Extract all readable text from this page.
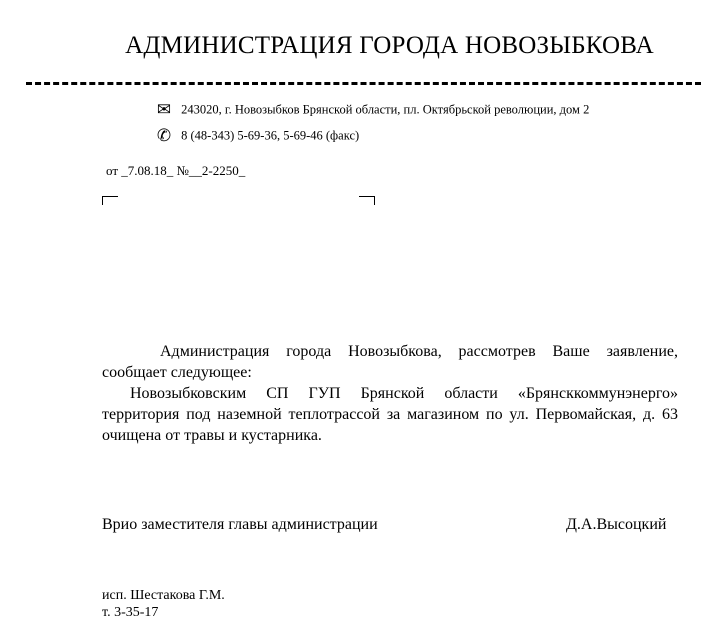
АДМИНИСТРАЦИЯ ГОРОДА НОВОЗЫБКОВА
✉ 243020, г. Новозыбков Брянской области, пл. Октябрьской революции, дом 2
✆ 8 (48-343) 5-69-36, 5-69-46 (факс)
от _7.08.18_ №__2-2250_

Администрация города Новозыбкова, рассмотрев Ваше заявление, сообщает следующее:

Новозыбковским СП ГУП Брянской области «Брянсккоммунэнерго» территория под наземной теплотрассой за магазином по ул. Первомайская, д. 63 очищена от травы и кустарника.

Врио заместителя главы администрации	Д.А.Высоцкий
исп. Шестакова Г.М.
т. 3-35-17
